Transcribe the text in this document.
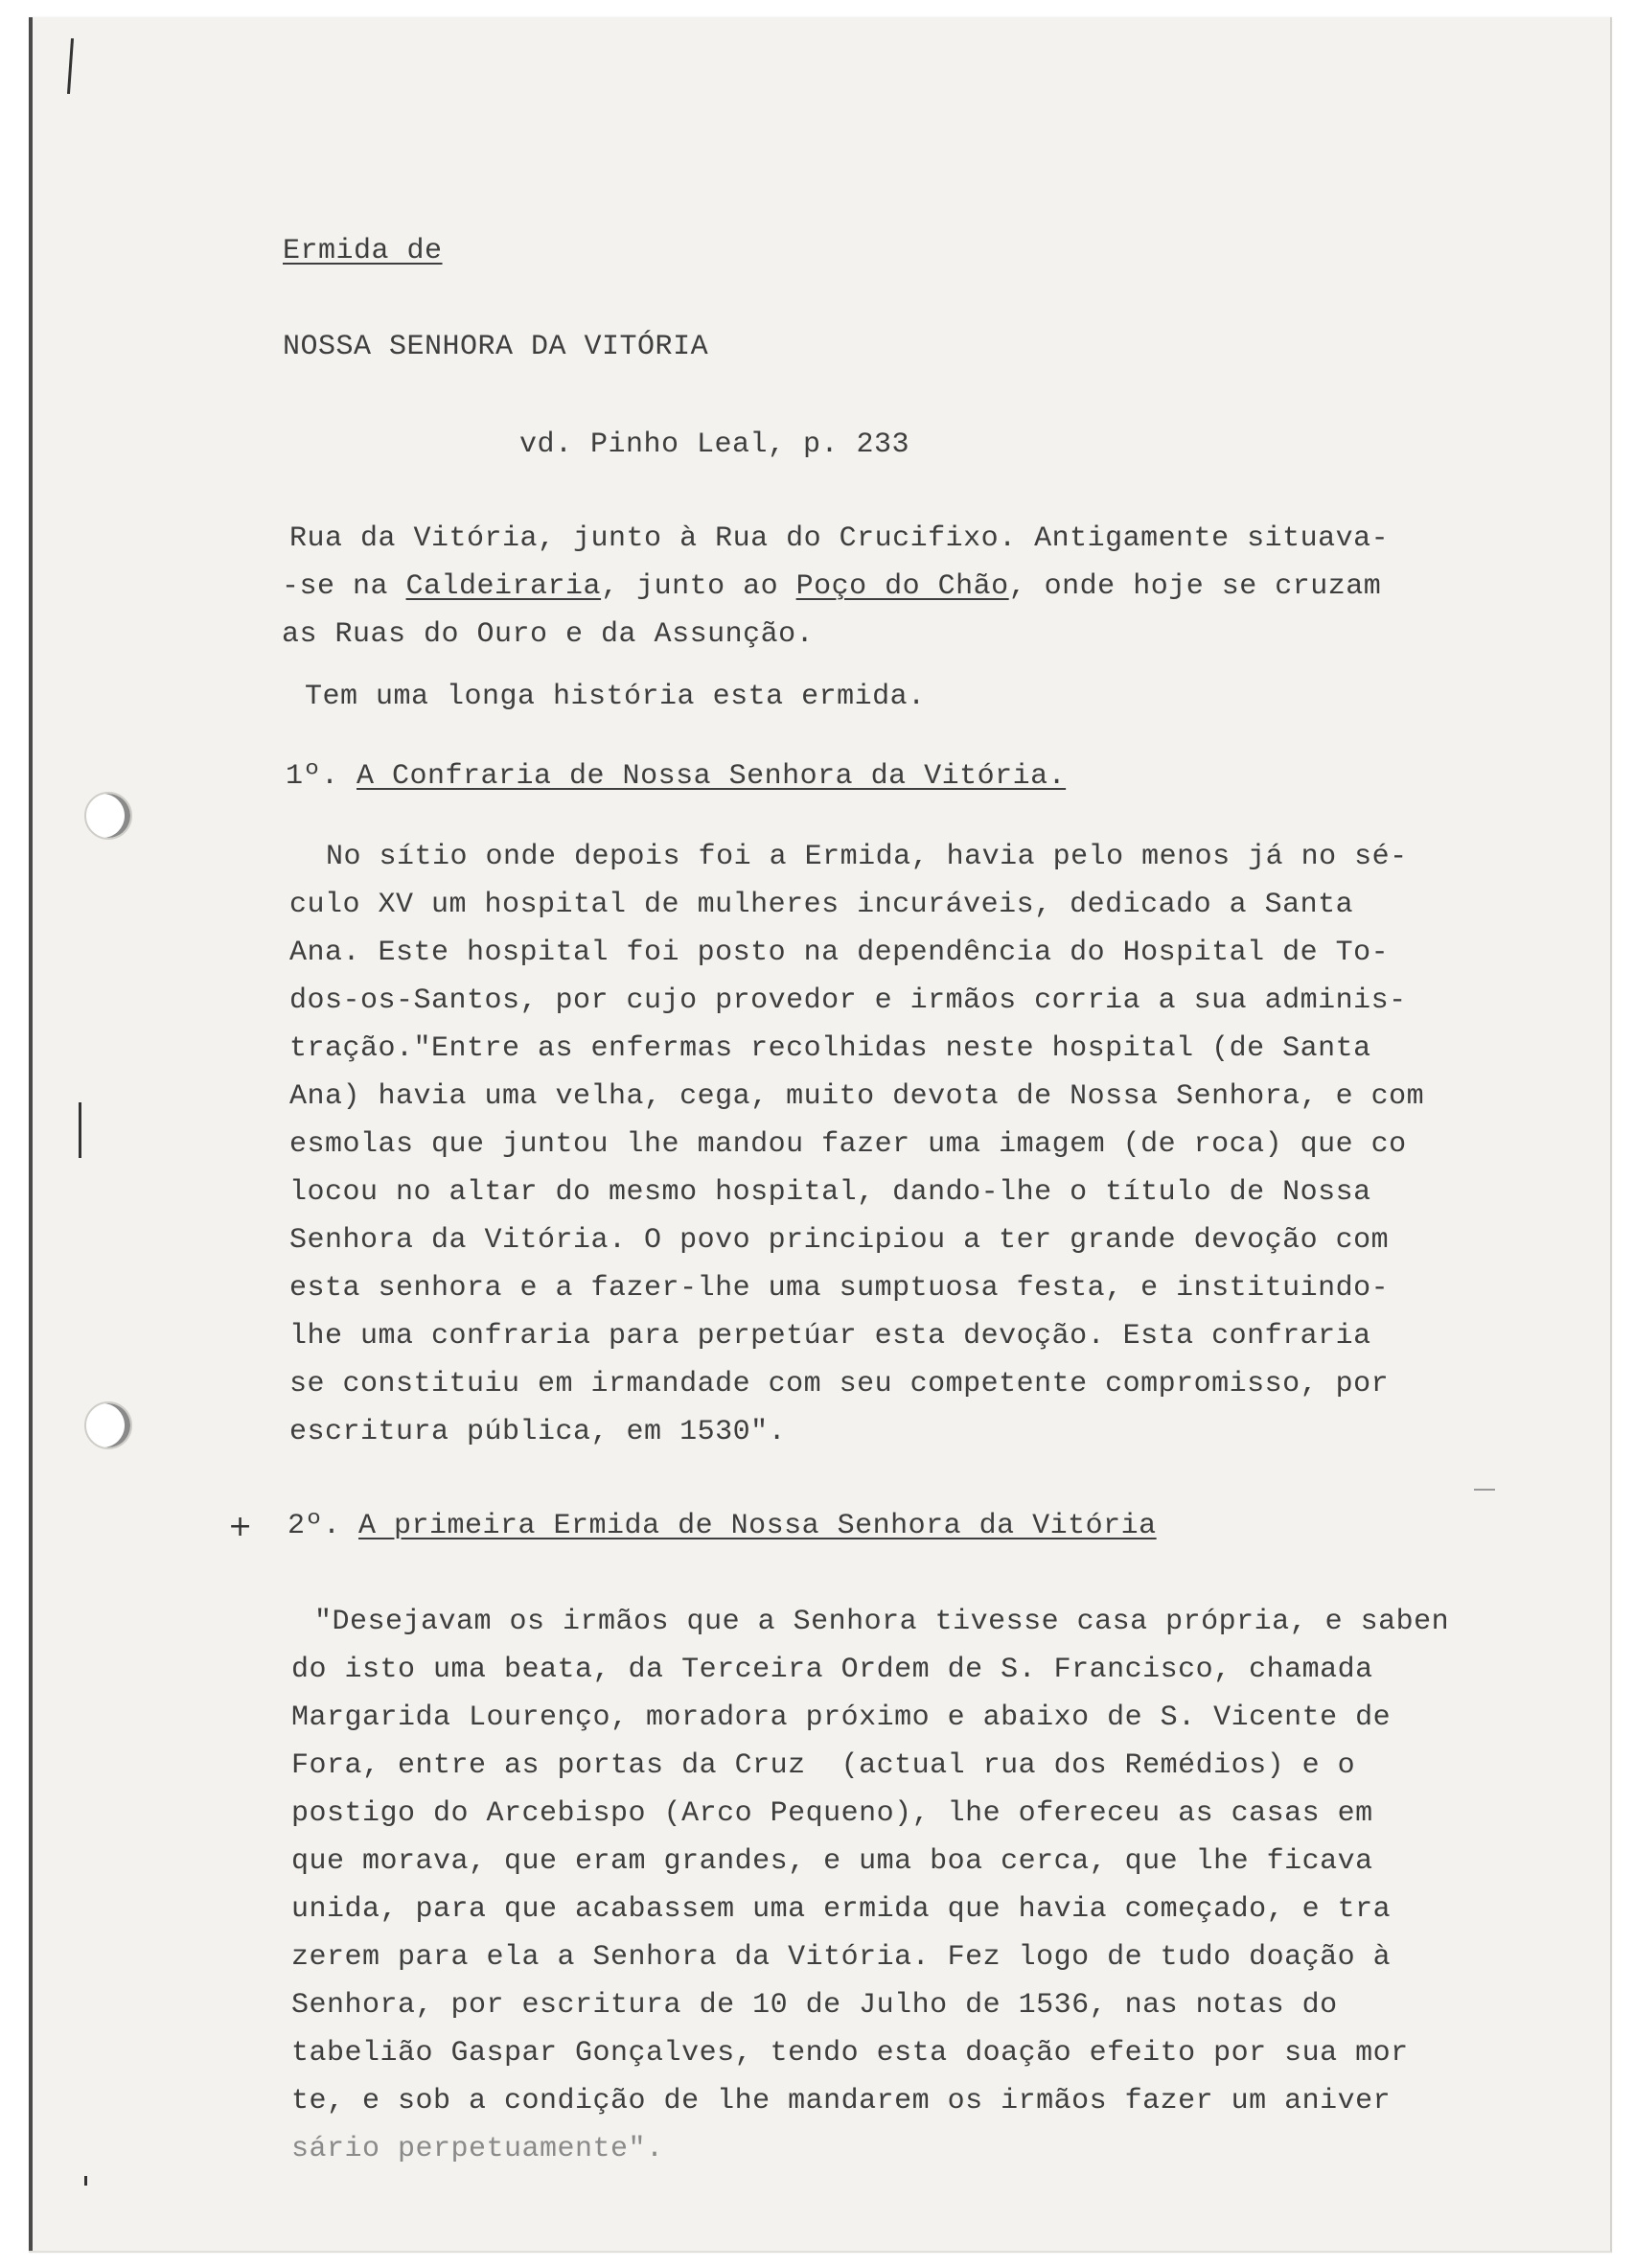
Ermida de
NOSSA SENHORA DA VITÓRIA
vd. Pinho Leal, p. 233

Rua da Vitória, junto à Rua do Crucifixo. Antigamente situava-

-se na Caldeiraria, junto ao Poço do Chão, onde hoje se cruzam

as Ruas do Ouro e da Assunção.

Tem uma longa história esta ermida.

1º. A Confraria de Nossa Senhora da Vitória.

No sítio onde depois foi a Ermida, havia pelo menos já no sé-

culo XV um hospital de mulheres incuráveis, dedicado a Santa

Ana. Este hospital foi posto na dependência do Hospital de To-

dos-os-Santos, por cujo provedor e irmãos corria a sua adminis-

tração."Entre as enfermas recolhidas neste hospital (de Santa

Ana) havia uma velha, cega, muito devota de Nossa Senhora, e com

esmolas que juntou lhe mandou fazer uma imagem (de roca) que co

locou no altar do mesmo hospital, dando-lhe o título de Nossa

Senhora da Vitória. O povo principiou a ter grande devoção com

esta senhora e a fazer-lhe uma sumptuosa festa, e instituindo-

lhe uma confraria para perpetúar esta devoção. Esta confraria

se constituiu em irmandade com seu competente compromisso, por

escritura pública, em 1530".

+ 2º. A primeira Ermida de Nossa Senhora da Vitória

"Desejavam os irmãos que a Senhora tivesse casa própria, e saben

do isto uma beata, da Terceira Ordem de S. Francisco, chamada

Margarida Lourenço, moradora próximo e abaixo de S. Vicente de

Fora, entre as portas da Cruz  (actual rua dos Remédios) e o

postigo do Arcebispo (Arco Pequeno), lhe ofereceu as casas em

que morava, que eram grandes, e uma boa cerca, que lhe ficava

unida, para que acabassem uma ermida que havia começado, e tra

zerem para ela a Senhora da Vitória. Fez logo de tudo doação à

Senhora, por escritura de 10 de Julho de 1536, nas notas do

tabelião Gaspar Gonçalves, tendo esta doação efeito por sua mor

te, e sob a condição de lhe mandarem os irmãos fazer um aniver

sário perpetuamente".
